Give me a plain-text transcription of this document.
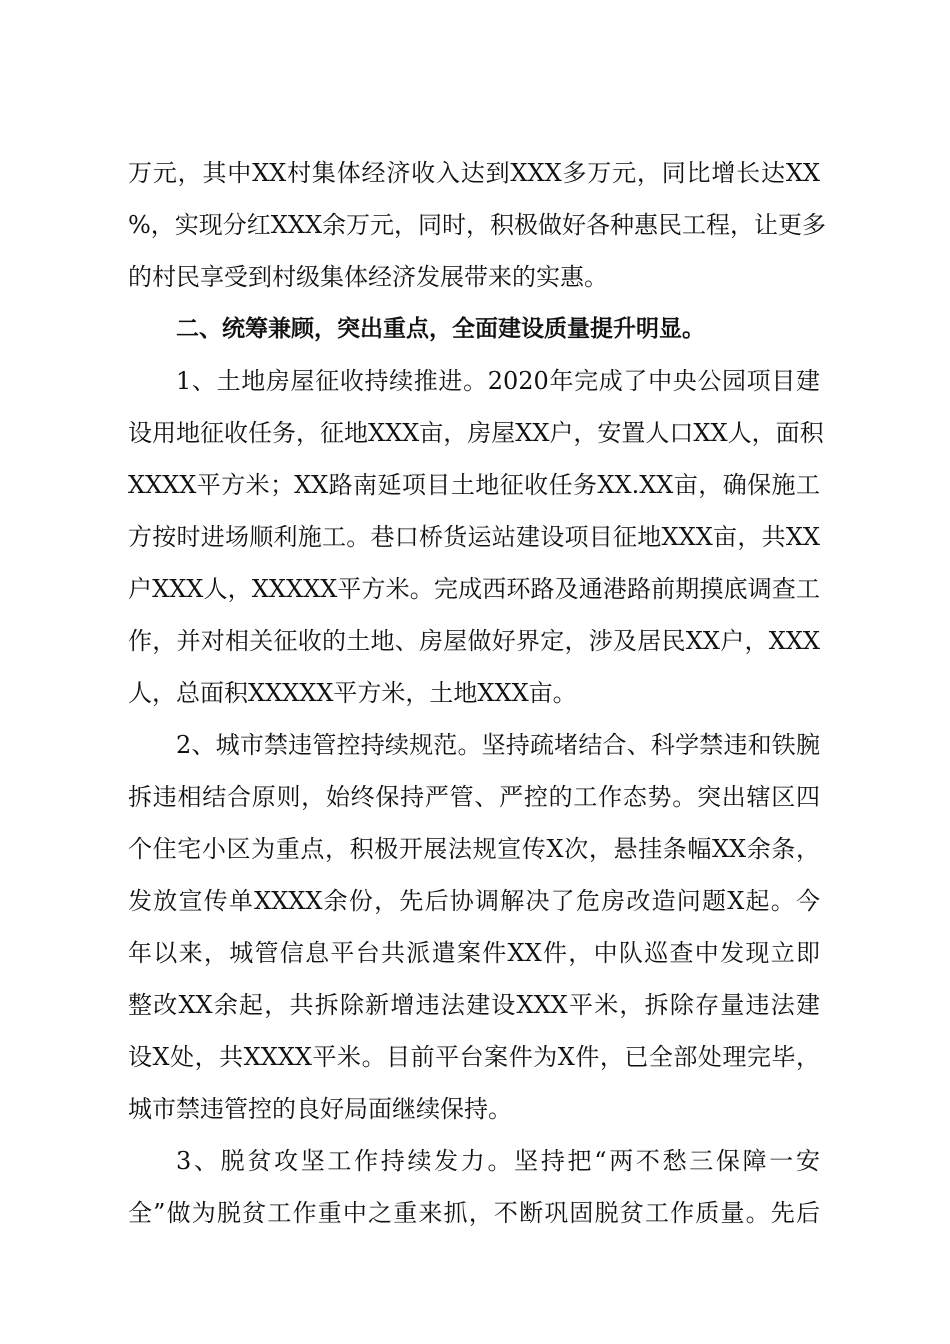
万元，其中XX村集体经济收入达到XXX多万元，同比增长达XX
%，实现分红XXX余万元，同时，积极做好各种惠民工程，让更多
的村民享受到村级集体经济发展带来的实惠。
二、统筹兼顾，突出重点，全面建设质量提升明显。
1、土地房屋征收持续推进。2020年完成了中央公园项目建
设用地征收任务，征地XXX亩，房屋XX户，安置人口XX人，面积
XXXX平方米；XX路南延项目土地征收任务XX.XX亩，确保施工
方按时进场顺利施工。巷口桥货运站建设项目征地XXX亩，共XX
户XXX人，XXXXX平方米。完成西环路及通港路前期摸底调查工
作，并对相关征收的土地、房屋做好界定，涉及居民XX户，XXX
人，总面积XXXXX平方米，土地XXX亩。
2、城市禁违管控持续规范。坚持疏堵结合、科学禁违和铁腕
拆违相结合原则，始终保持严管、严控的工作态势。突出辖区四
个住宅小区为重点，积极开展法规宣传X次，悬挂条幅XX余条，
发放宣传单XXXX余份，先后协调解决了危房改造问题X起。今
年以来，城管信息平台共派遣案件XX件，中队巡查中发现立即
整改XX余起，共拆除新增违法建设XXX平米，拆除存量违法建
设X处，共XXXX平米。目前平台案件为X件，已全部处理完毕，
城市禁违管控的良好局面继续保持。
3、脱贫攻坚工作持续发力。坚持把“两不愁三保障一安
全”做为脱贫工作重中之重来抓，不断巩固脱贫工作质量。先后
